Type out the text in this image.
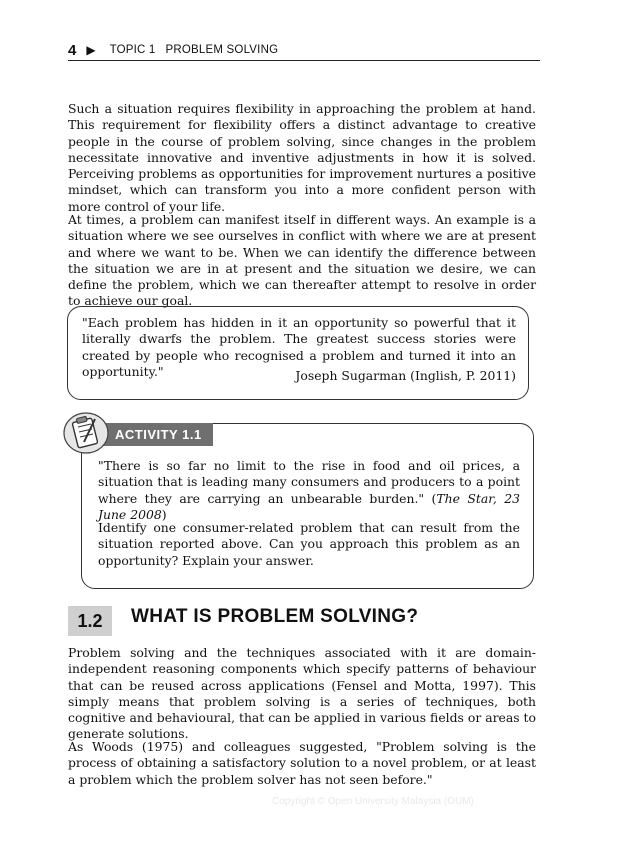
4 ▶ TOPIC 1 PROBLEM SOLVING

Such a situation requires flexibility in approaching the problem at hand. This requirement for flexibility offers a distinct advantage to creative people in the course of problem solving, since changes in the problem necessitate innovative and inventive adjustments in how it is solved. Perceiving problems as opportunities for improvement nurtures a positive mindset, which can transform you into a more confident person with more control of your life.

At times, a problem can manifest itself in different ways. An example is a situation where we see ourselves in conflict with where we are at present and where we want to be. When we can identify the difference between the situation we are in at present and the situation we desire, we can define the problem, which we can thereafter attempt to resolve in order to achieve our goal.

"Each problem has hidden in it an opportunity so powerful that it literally dwarfs the problem. The greatest success stories were created by people who recognised a problem and turned it into an opportunity."	Joseph Sugarman (Inglish, P. 2011)
ACTIVITY 1.1

"There is so far no limit to the rise in food and oil prices, a situation that is leading many consumers and producers to a point where they are carrying an unbearable burden." (The Star, 23 June 2008)

Identify one consumer-related problem that can result from the situation reported above. Can you approach this problem as an opportunity? Explain your answer.

1.2	WHAT IS PROBLEM SOLVING?

Problem solving and the techniques associated with it are domain-independent reasoning components which specify patterns of behaviour that can be reused across applications (Fensel and Motta, 1997). This simply means that problem solving is a series of techniques, both cognitive and behavioural, that can be applied in various fields or areas to generate solutions.

As Woods (1975) and colleagues suggested, "Problem solving is the process of obtaining a satisfactory solution to a novel problem, or at least a problem which the problem solver has not seen before."

Copyright © Open University Malaysia (OUM)
